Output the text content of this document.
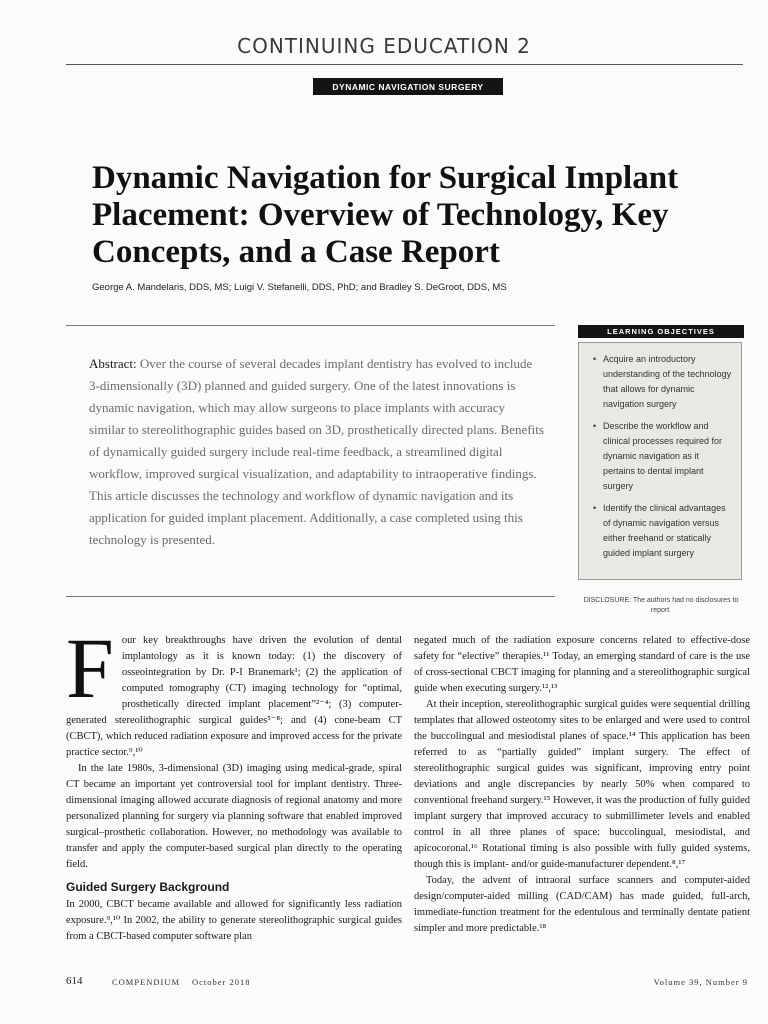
CONTINUING EDUCATION 2
DYNAMIC NAVIGATION SURGERY
Dynamic Navigation for Surgical Implant Placement: Overview of Technology, Key Concepts, and a Case Report
George A. Mandelaris, DDS, MS; Luigi V. Stefanelli, DDS, PhD; and Bradley S. DeGroot, DDS, MS
Abstract: Over the course of several decades implant dentistry has evolved to include 3-dimensionally (3D) planned and guided surgery. One of the latest innovations is dynamic navigation, which may allow surgeons to place implants with accuracy similar to stereolithographic guides based on 3D, prosthetically directed plans. Benefits of dynamically guided surgery include real-time feedback, a streamlined digital workflow, improved surgical visualization, and adaptability to intraoperative findings. This article discusses the technology and workflow of dynamic navigation and its application for guided implant placement. Additionally, a case completed using this technology is presented.
LEARNING OBJECTIVES
• Acquire an introductory understanding of the technology that allows for dynamic navigation surgery
• Describe the workflow and clinical processes required for dynamic navigation as it pertains to dental implant surgery
• Identify the clinical advantages of dynamic navigation versus either freehand or statically guided implant surgery
DISCLOSURE: The authors had no disclosures to report.

Four key breakthroughs have driven the evolution of dental implantology as it is known today: (1) the discovery of osseointegration by Dr. P-I Branemark¹; (2) the application of computed tomography (CT) imaging technology for “optimal, prosthetically directed implant placement”²⁻⁴; (3) computer-generated stereolithographic surgical guides⁵⁻⁸; and (4) cone-beam CT (CBCT), which reduced radiation exposure and improved access for the private practice sector.⁹,¹⁰

In the late 1980s, 3-dimensional (3D) imaging using medical-grade, spiral CT became an important yet controversial tool for implant dentistry. Three-dimensional imaging allowed accurate diagnosis of regional anatomy and more personalized planning for surgery via planning software that enabled improved surgical–prosthetic collaboration. However, no methodology was available to transfer and apply the computer-based surgical plan directly to the operating field.

Guided Surgery Background

In 2000, CBCT became available and allowed for significantly less radiation exposure.⁹,¹⁰ In 2002, the ability to generate stereolithographic surgical guides from a CBCT-based computer software plan

negated much of the radiation exposure concerns related to effective-dose safety for “elective” therapies.¹¹ Today, an emerging standard of care is the use of cross-sectional CBCT imaging for planning and a stereolithographic surgical guide when executing surgery.¹²,¹³

At their inception, stereolithographic surgical guides were sequential drilling templates that allowed osteotomy sites to be enlarged and were used to control the buccolingual and mesiodistal planes of space.¹⁴ This application has been referred to as “partially guided” implant surgery. The effect of stereolithographic surgical guides was significant, improving entry point deviations and angle discrepancies by nearly 50% when compared to conventional freehand surgery.¹⁵ However, it was the production of fully guided implant surgery that improved accuracy to submillimeter levels and enabled control in all three planes of space: buccolingual, mesiodistal, and apicocoronal.¹⁶ Rotational timing is also possible with fully guided systems, though this is implant- and/or guide-manufacturer dependent.⁸,¹⁷

Today, the advent of intraoral surface scanners and computer-aided design/computer-aided milling (CAD/CAM) has made guided, full-arch, immediate-function treatment for the edentulous and terminally dentate patient simpler and more predictable.¹⁸

614	COMPENDIUM October 2018	Volume 39, Number 9
